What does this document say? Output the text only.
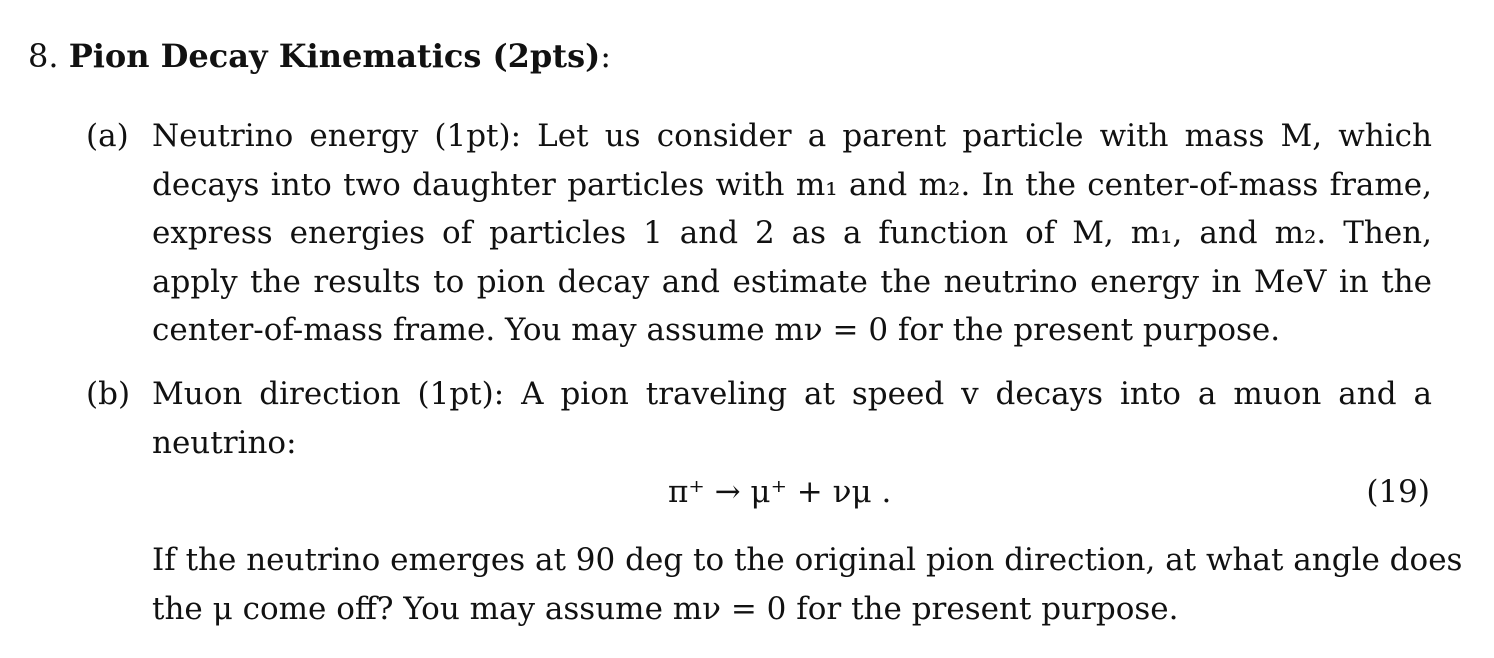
8. Pion Decay Kinematics (2pts):
(a) Neutrino energy (1pt): Let us consider a parent particle with mass M, which
decays into two daughter particles with m₁ and m₂. In the center-of-mass frame,
express energies of particles 1 and 2 as a function of M, m₁, and m₂. Then,
apply the results to pion decay and estimate the neutrino energy in MeV in the
center-of-mass frame. You may assume mν = 0 for the present purpose.
(b) Muon direction (1pt): A pion traveling at speed v decays into a muon and a
neutrino:
π⁺ → μ⁺ + νμ .	(19)
If the neutrino emerges at 90 deg to the original pion direction, at what angle does
the μ come off? You may assume mν = 0 for the present purpose.
